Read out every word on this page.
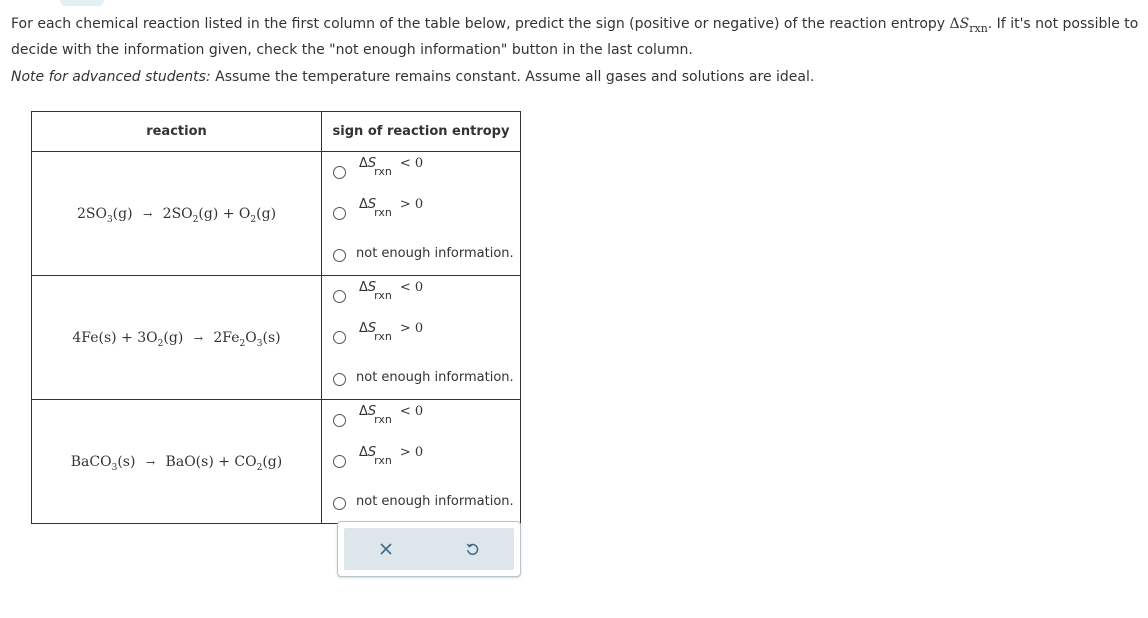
For each chemical reaction listed in the first column of the table below, predict the sign (positive or negative) of the reaction entropy $\Delta S_{rxn}$. If it's not possible to
decide with the information given, check the "not enough information" button in the last column.
Note for advanced students: Assume the temperature remains constant. Assume all gases and solutions are ideal.
reaction	sign of reaction entropy
$2SO_3(g) \to 2SO_2(g) + O_2(g)$	$\Delta S_{rxn}< 0$
$\Delta S_{rxn}> 0$
not enough information.

$4Fe(s) + 3O_2(g) \to 2Fe_2O_3(s)$	$\Delta S_{rxn}< 0$
$\Delta S_{rxn}> 0$
not enough information.

BaCO$_3$(s) → $BaO(s) + CO_2(g)$	$\Delta S_{rxn}< 0$
$\Delta S_{rxn}> 0$
not enough information.
